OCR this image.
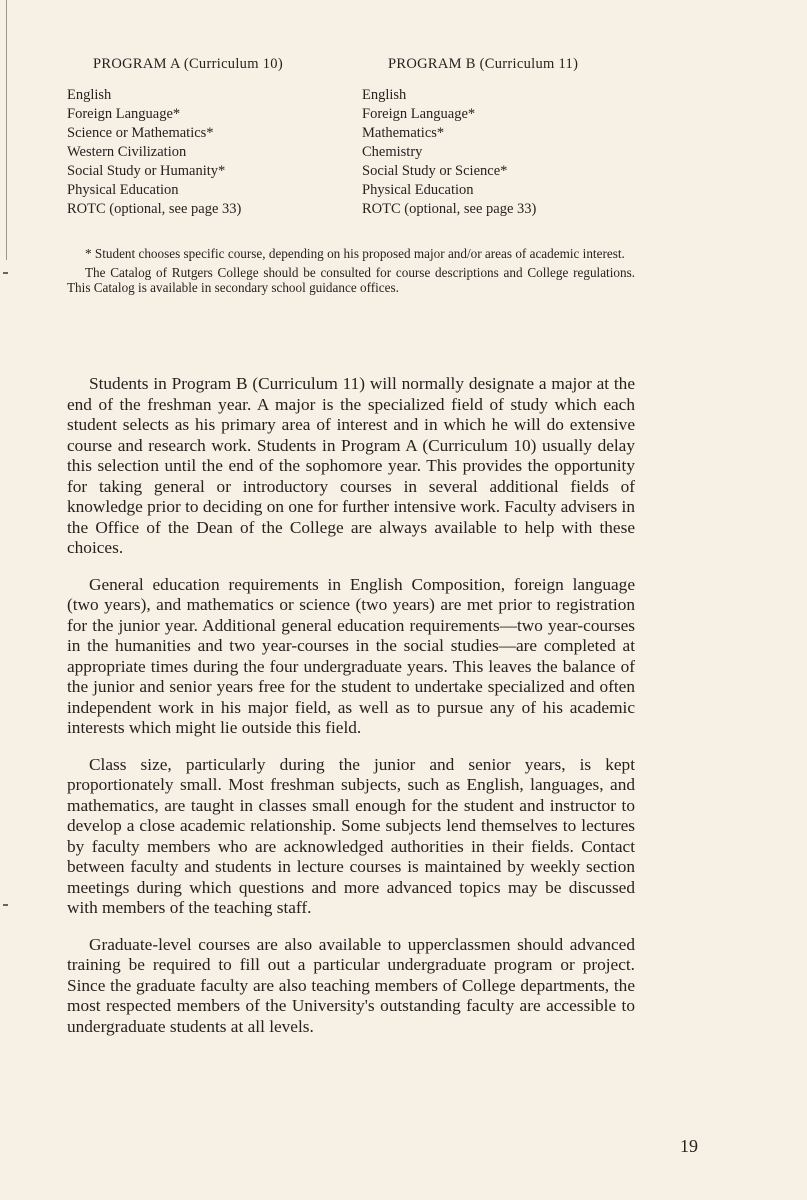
PROGRAM A (Curriculum 10)	PROGRAM B (Curriculum 11)
English
Foreign Language*
Science or Mathematics*
Western Civilization
Social Study or Humanity*
Physical Education
ROTC (optional, see page 33)
English
Foreign Language*
Mathematics*
Chemistry
Social Study or Science*
Physical Education
ROTC (optional, see page 33)

* Student chooses specific course, depending on his proposed major and/or areas of academic interest.

The Catalog of Rutgers College should be consulted for course descriptions and College regulations. This Catalog is available in secondary school guidance offices.

Students in Program B (Curriculum 11) will normally designate a major at the end of the freshman year. A major is the specialized field of study which each student selects as his primary area of interest and in which he will do extensive course and research work. Students in Program A (Curriculum 10) usually delay this selection until the end of the sophomore year. This provides the opportunity for taking general or introductory courses in several additional fields of knowledge prior to deciding on one for further intensive work. Faculty advisers in the Office of the Dean of the College are always available to help with these choices.

General education requirements in English Composition, foreign language (two years), and mathematics or science (two years) are met prior to registration for the junior year. Additional general education requirements—two year-courses in the humanities and two year-courses in the social studies—are completed at appropriate times during the four undergraduate years. This leaves the balance of the junior and senior years free for the student to undertake specialized and often independent work in his major field, as well as to pursue any of his academic interests which might lie outside this field.

Class size, particularly during the junior and senior years, is kept proportionately small. Most freshman subjects, such as English, languages, and mathematics, are taught in classes small enough for the student and instructor to develop a close academic relationship. Some subjects lend themselves to lectures by faculty members who are acknowledged authorities in their fields. Contact between faculty and students in lecture courses is maintained by weekly section meetings during which questions and more advanced topics may be discussed with members of the teaching staff.

Graduate-level courses are also available to upperclassmen should advanced training be required to fill out a particular undergraduate program or project. Since the graduate faculty are also teaching members of College departments, the most respected members of the University's outstanding faculty are accessible to undergraduate students at all levels.

19
